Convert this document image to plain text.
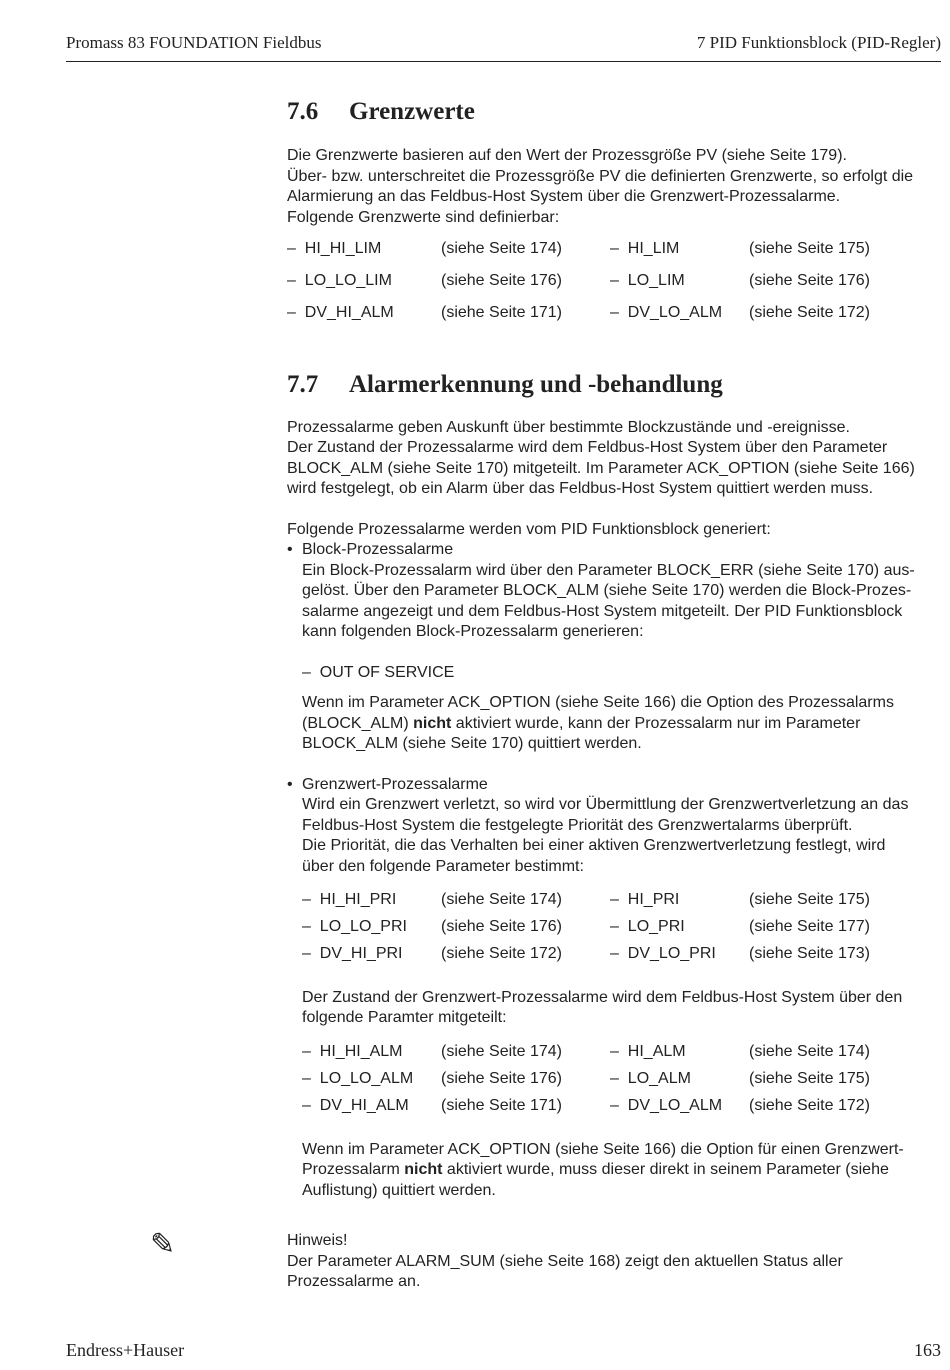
Promass 83 FOUNDATION Fieldbus	7 PID Funktionsblock (PID-Regler)
7.6 Grenzwerte

Die Grenzwerte basieren auf den Wert der Prozessgröße PV (siehe Seite 179).

Über- bzw. unterschreitet die Prozessgröße PV die definierten Grenzwerte, so erfolgt die

Alarmierung an das Feldbus-Host System über die Grenzwert-Prozessalarme.

Folgende Grenzwerte sind definierbar:

–  HI_HI_LIM	(siehe Seite 174)	–  HI_LIM	(siehe Seite 175)
–  LO_LO_LIM	(siehe Seite 176)	–  LO_LIM	(siehe Seite 176)
–  DV_HI_ALM	(siehe Seite 171)	–  DV_LO_ALM	(siehe Seite 172)
7.7 Alarmerkennung und -behandlung

Prozessalarme geben Auskunft über bestimmte Blockzustände und -ereignisse.

Der Zustand der Prozessalarme wird dem Feldbus-Host System über den Parameter

BLOCK_ALM (siehe Seite 170) mitgeteilt. Im Parameter ACK_OPTION (siehe Seite 166)

wird festgelegt, ob ein Alarm über das Feldbus-Host System quittiert werden muss.

Folgende Prozessalarme werden vom PID Funktionsblock generiert:

• Block-Prozessalarme

Ein Block-Prozessalarm wird über den Parameter BLOCK_ERR (siehe Seite 170) aus-

gelöst. Über den Parameter BLOCK_ALM (siehe Seite 170) werden die Block-Prozes-

salarme angezeigt und dem Feldbus-Host System mitgeteilt. Der PID Funktionsblock

kann folgenden Block-Prozessalarm generieren:

–  OUT OF SERVICE

Wenn im Parameter ACK_OPTION (siehe Seite 166) die Option des Prozessalarms

(BLOCK_ALM) nicht aktiviert wurde, kann der Prozessalarm nur im Parameter

BLOCK_ALM (siehe Seite 170) quittiert werden.

• Grenzwert-Prozessalarme

Wird ein Grenzwert verletzt, so wird vor Übermittlung der Grenzwertverletzung an das

Feldbus-Host System die festgelegte Priorität des Grenzwertalarms überprüft.

Die Priorität, die das Verhalten bei einer aktiven Grenzwertverletzung festlegt, wird

über den folgende Parameter bestimmt:

–  HI_HI_PRI	(siehe Seite 174)	–  HI_PRI	(siehe Seite 175)
–  LO_LO_PRI	(siehe Seite 176)	–  LO_PRI	(siehe Seite 177)
–  DV_HI_PRI	(siehe Seite 172)	–  DV_LO_PRI	(siehe Seite 173)

Der Zustand der Grenzwert-Prozessalarme wird dem Feldbus-Host System über den

folgende Paramter mitgeteilt:

–  HI_HI_ALM	(siehe Seite 174)	–  HI_ALM	(siehe Seite 174)
–  LO_LO_ALM	(siehe Seite 176)	–  LO_ALM	(siehe Seite 175)
–  DV_HI_ALM	(siehe Seite 171)	–  DV_LO_ALM	(siehe Seite 172)

Wenn im Parameter ACK_OPTION (siehe Seite 166) die Option für einen Grenzwert-

Prozessalarm nicht aktiviert wurde, muss dieser direkt in seinem Parameter (siehe

Auflistung) quittiert werden.

Hinweis!

Der Parameter ALARM_SUM (siehe Seite 168) zeigt den aktuellen Status aller

Prozessalarme an.

✎
Endress+Hauser	163
